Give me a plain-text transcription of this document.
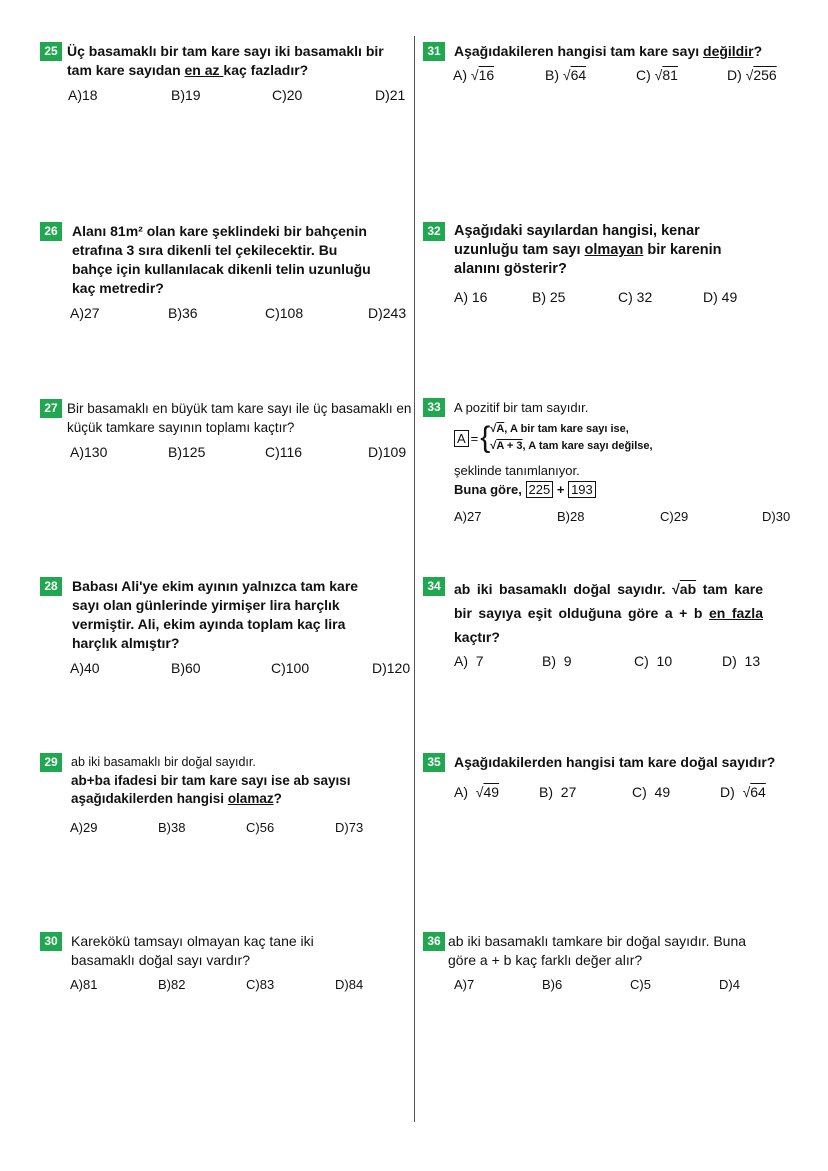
25 Üç basamaklı bir tam kare sayı iki basamaklı bir tam kare sayıdan en az kaç fazladır?
A)18	B)19	C)20	D)21
26	Alanı 81m² olan kare şeklindeki bir bahçenin etrafına 3 sıra dikenli tel çekilecektir. Bu bahçe için kullanılacak dikenli telin uzunluğu kaç metredir?
A)27	B)36	C)108	D)243
27 Bir basamaklı en büyük tam kare sayı ile üç basamaklı en küçük tamkare sayının toplamı kaçtır?
A)130	B)125	C)116	D)109
28	Babası Ali'ye ekim ayının yalnızca tam kare sayı olan günlerinde yirmişer lira harçlık vermiştir. Ali, ekim ayında toplam kaç lira harçlık almıştır?
A)40	B)60	C)100	D)120
29	ab iki basamaklı bir doğal sayıdır.
ab+ba ifadesi bir tam kare sayı ise ab sayısı aşağıdakilerden hangisi olamaz?
A)29	B)38	C)56	D)73
30 Karekökü tamsayı olmayan kaç tane iki basamaklı doğal sayı vardır?
A)81	B)82	C)83	D)84
31 Aşağıdakileren hangisi tam kare sayı değildir?
A) √16	B) √64	C) √81	D) √256
32 Aşağıdaki sayılardan hangisi, kenar uzunluğu tam sayı olmayan bir karenin alanını gösterir?
A) 16	B) 25	C) 32	D) 49
33	A pozitif bir tam sayıdır.
A = { √A, A bir tam kare sayı ise,
√A + 3, A tam kare sayı değilse,
şeklinde tanımlanıyor.
Buna göre, 225 + 193
A)27	B)28	C)29	D)30
34 ab iki basamaklı doğal sayıdır. √ab tam kare bir sayıya eşit olduğuna göre a + b en fazla kaçtır?
A)  7	B)  9	C)  10	D)  13
35 Aşağıdakilerden hangisi tam kare doğal sayıdır?
A)  √49	B)  27	C)  49	D)  √64
36 ab iki basamaklı tamkare bir doğal sayıdır. Buna göre a + b kaç farklı değer alır?
A)7	B)6	C)5	D)4
